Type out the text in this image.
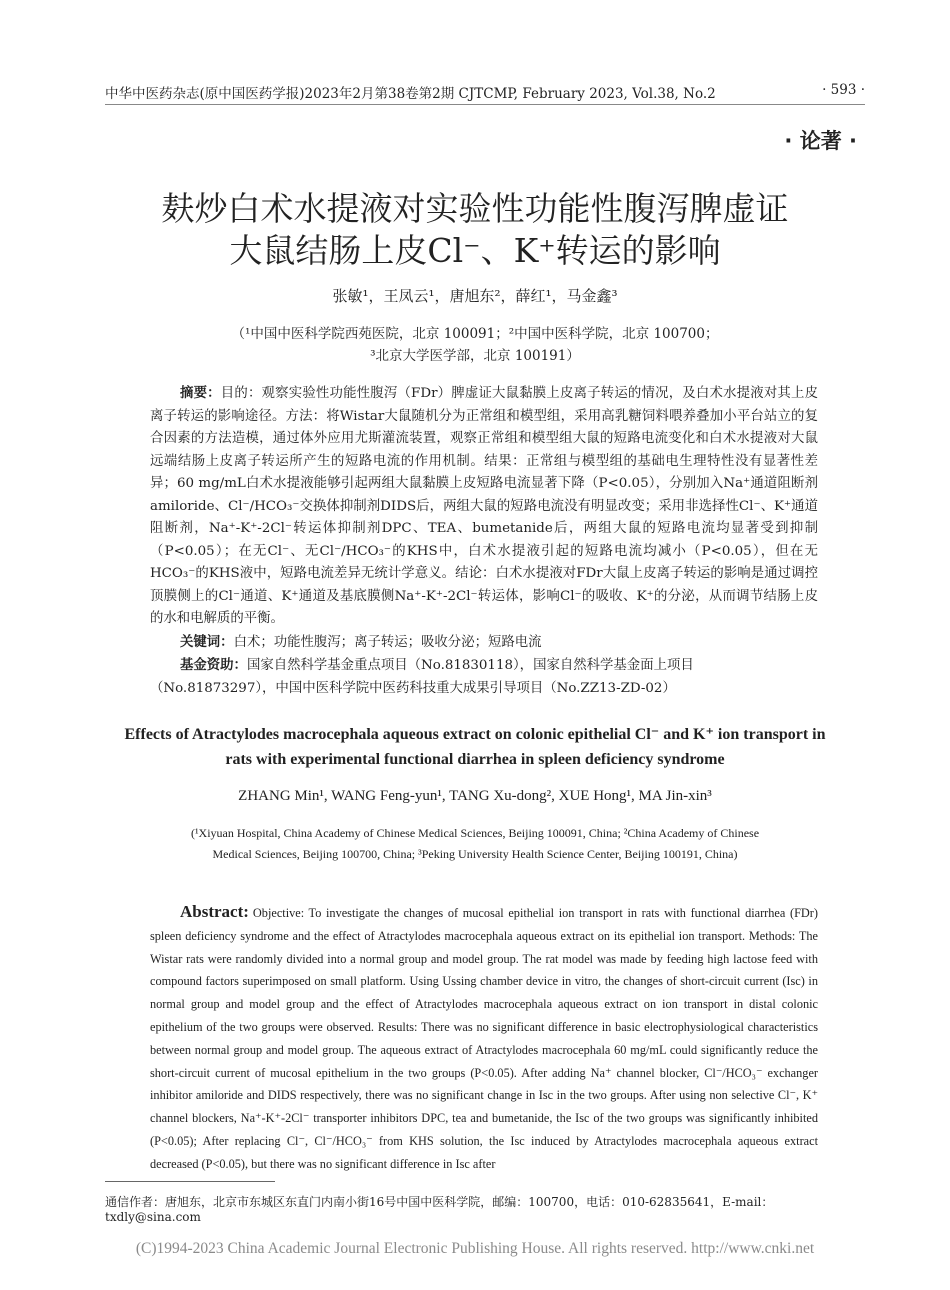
中华中医药杂志(原中国医药学报)2023年2月第38卷第2期 CJTCMP, February 2023, Vol.38, No.2	· 593 ·
· 论著 ·
麸炒白术水提液对实验性功能性腹泻脾虚证
大鼠结肠上皮Cl⁻、K⁺转运的影响
张敏¹，王凤云¹，唐旭东²，薛红¹，马金鑫³
（¹中国中医科学院西苑医院，北京 100091；²中国中医科学院，北京 100700；
³北京大学医学部，北京 100191）

摘要：目的：观察实验性功能性腹泻（FDr）脾虚证大鼠黏膜上皮离子转运的情况，及白术水提液对其上皮离子转运的影响途径。方法：将Wistar大鼠随机分为正常组和模型组，采用高乳糖饲料喂养叠加小平台站立的复合因素的方法造模，通过体外应用尤斯灌流装置，观察正常组和模型组大鼠的短路电流变化和白术水提液对大鼠远端结肠上皮离子转运所产生的短路电流的作用机制。结果：正常组与模型组的基础电生理特性没有显著性差异；60 mg/mL白术水提液能够引起两组大鼠黏膜上皮短路电流显著下降（P<0.05），分别加入Na⁺通道阻断剂amiloride、Cl⁻/HCO₃⁻交换体抑制剂DIDS后，两组大鼠的短路电流没有明显改变；采用非选择性Cl⁻、K⁺通道阻断剂，Na⁺-K⁺-2Cl⁻转运体抑制剂DPC、TEA、bumetanide后，两组大鼠的短路电流均显著受到抑制（P<0.05）；在无Cl⁻、无Cl⁻/HCO₃⁻的KHS中，白术水提液引起的短路电流均减小（P<0.05），但在无HCO₃⁻的KHS液中，短路电流差异无统计学意义。结论：白术水提液对FDr大鼠上皮离子转运的影响是通过调控顶膜侧上的Cl⁻通道、K⁺通道及基底膜侧Na⁺-K⁺-2Cl⁻转运体，影响Cl⁻的吸收、K⁺的分泌，从而调节结肠上皮的水和电解质的平衡。

关键词：白术；功能性腹泻；离子转运；吸收分泌；短路电流
基金资助：国家自然科学基金重点项目（No.81830118），国家自然科学基金面上项目（No.81873297），中国中医科学院中医药科技重大成果引导项目（No.ZZ13-ZD-02）
Effects of Atractylodes macrocephala aqueous extract on colonic epithelial Cl⁻ and K⁺ ion transport in rats with experimental functional diarrhea in spleen deficiency syndrome
ZHANG Min¹, WANG Feng-yun¹, TANG Xu-dong², XUE Hong¹, MA Jin-xin³
(¹Xiyuan Hospital, China Academy of Chinese Medical Sciences, Beijing 100091, China; ²China Academy of Chinese Medical Sciences, Beijing 100700, China; ³Peking University Health Science Center, Beijing 100191, China)
Abstract: Objective: To investigate the changes of mucosal epithelial ion transport in rats with functional diarrhea (FDr) spleen deficiency syndrome and the effect of Atractylodes macrocephala aqueous extract on its epithelial ion transport. Methods: The Wistar rats were randomly divided into a normal group and model group. The rat model was made by feeding high lactose feed with compound factors superimposed on small platform. Using Ussing chamber device in vitro, the changes of short-circuit current (Isc) in normal group and model group and the effect of Atractylodes macrocephala aqueous extract on ion transport in distal colonic epithelium of the two groups were observed. Results: There was no significant difference in basic electrophysiological characteristics between normal group and model group. The aqueous extract of Atractylodes macrocephala 60 mg/mL could significantly reduce the short-circuit current of mucosal epithelium in the two groups (P<0.05). After adding Na⁺ channel blocker, Cl⁻/HCO₃⁻ exchanger inhibitor amiloride and DIDS respectively, there was no significant change in Isc in the two groups. After using non selective Cl⁻, K⁺ channel blockers, Na⁺-K⁺-2Cl⁻ transporter inhibitors DPC, tea and bumetanide, the Isc of the two groups was significantly inhibited (P<0.05); After replacing Cl⁻, Cl⁻/HCO₃⁻ from KHS solution, the Isc induced by Atractylodes macrocephala aqueous extract decreased (P<0.05), but there was no significant difference in Isc after
通信作者：唐旭东，北京市东城区东直门内南小街16号中国中医科学院，邮编：100700，电话：010-62835641，E-mail：txdly@sina.com
(C)1994-2023 China Academic Journal Electronic Publishing House. All rights reserved. http://www.cnki.net
